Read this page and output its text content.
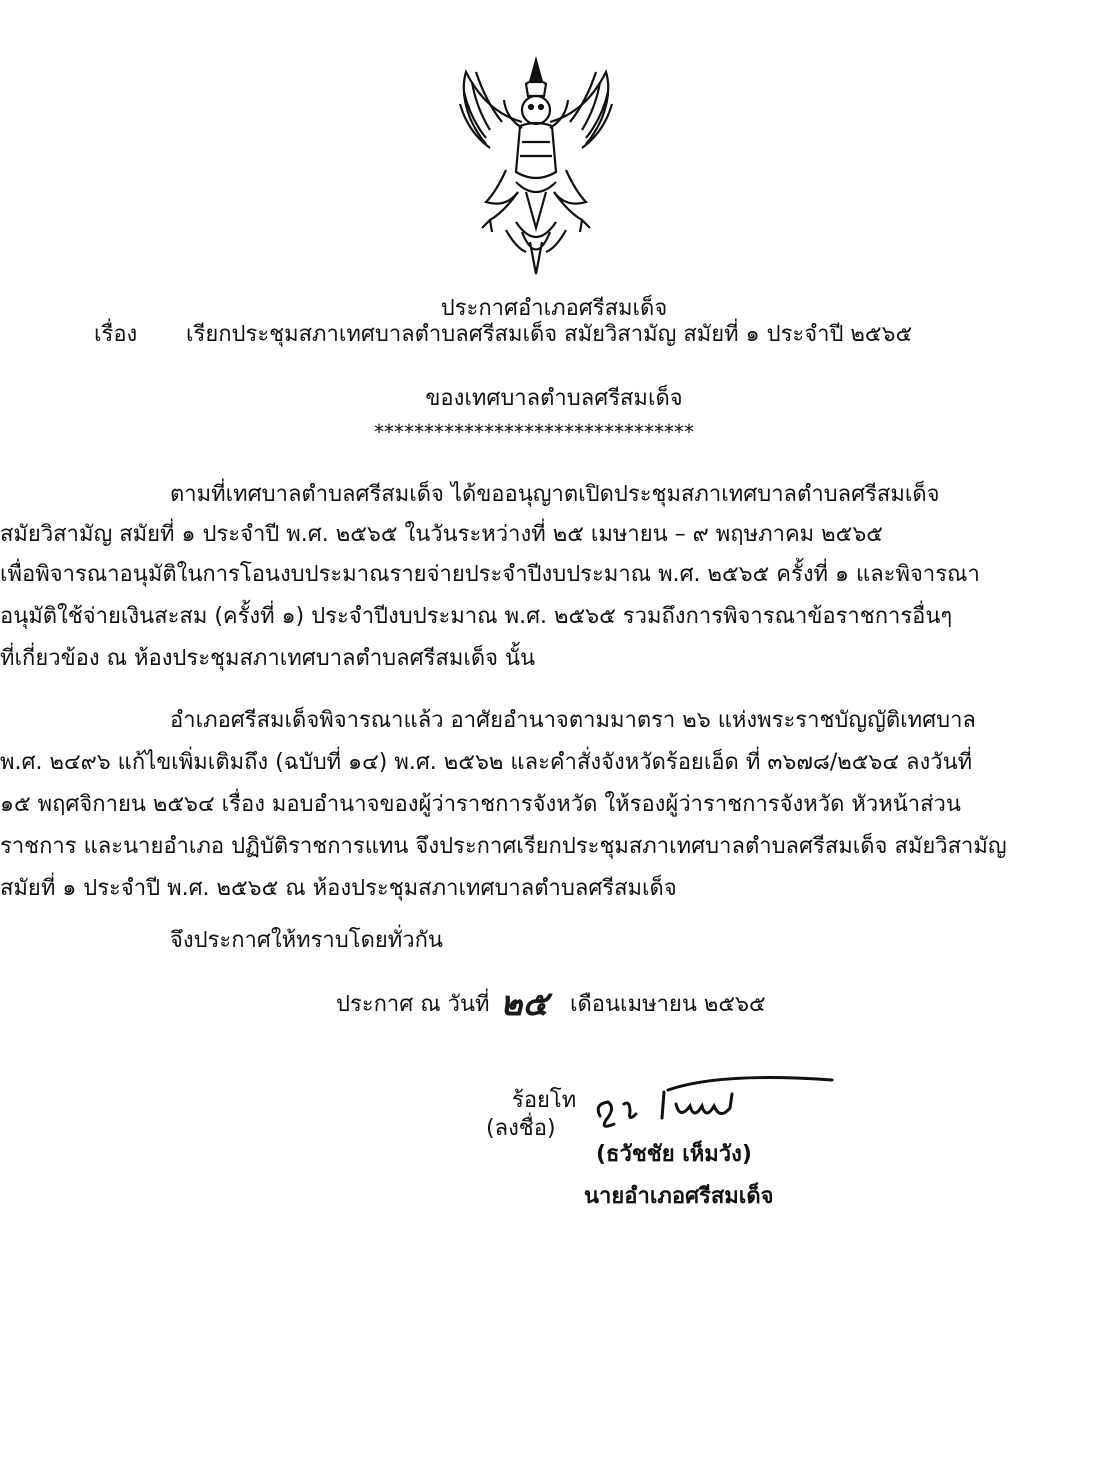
ประกาศอำเภอศรีสมเด็จ
เรื่อง เรียกประชุมสภาเทศบาลตำบลศรีสมเด็จ สมัยวิสามัญ สมัยที่ ๑ ประจำปี ๒๕๖๕
ของเทศบาลตำบลศรีสมเด็จ
********************************
ตามที่เทศบาลตำบลศรีสมเด็จ ได้ขออนุญาตเปิดประชุมสภาเทศบาลตำบลศรีสมเด็จ
สมัยวิสามัญ สมัยที่ ๑ ประจำปี พ.ศ. ๒๕๖๕ ในวันระหว่างที่ ๒๕ เมษายน – ๙ พฤษภาคม ๒๕๖๕
เพื่อพิจารณาอนุมัติในการโอนงบประมาณรายจ่ายประจำปีงบประมาณ พ.ศ. ๒๕๖๕ ครั้งที่ ๑ และพิจารณา
อนุมัติใช้จ่ายเงินสะสม (ครั้งที่ ๑) ประจำปีงบประมาณ พ.ศ. ๒๕๖๕ รวมถึงการพิจารณาข้อราชการอื่นๆ
ที่เกี่ยวข้อง ณ ห้องประชุมสภาเทศบาลตำบลศรีสมเด็จ นั้น
อำเภอศรีสมเด็จพิจารณาแล้ว อาศัยอำนาจตามมาตรา ๒๖ แห่งพระราชบัญญัติเทศบาล
พ.ศ. ๒๔๙๖ แก้ไขเพิ่มเติมถึง (ฉบับที่ ๑๔) พ.ศ. ๒๕๖๒ และคำสั่งจังหวัดร้อยเอ็ด ที่ ๓๖๗๘/๒๕๖๔ ลงวันที่
๑๕ พฤศจิกายน ๒๕๖๔ เรื่อง มอบอำนาจของผู้ว่าราชการจังหวัด ให้รองผู้ว่าราชการจังหวัด หัวหน้าส่วน
ราชการ และนายอำเภอ ปฏิบัติราชการแทน จึงประกาศเรียกประชุมสภาเทศบาลตำบลศรีสมเด็จ สมัยวิสามัญ
สมัยที่ ๑ ประจำปี พ.ศ. ๒๕๖๕ ณ ห้องประชุมสภาเทศบาลตำบลศรีสมเด็จ
จึงประกาศให้ทราบโดยทั่วกัน
ประกาศ ณ วันที่ ๒๕ เดือนเมษายน ๒๕๖๕
ร้อยโท
(ลงชื่อ)
(ธวัชชัย เห็มวัง)
นายอำเภอศรีสมเด็จ
